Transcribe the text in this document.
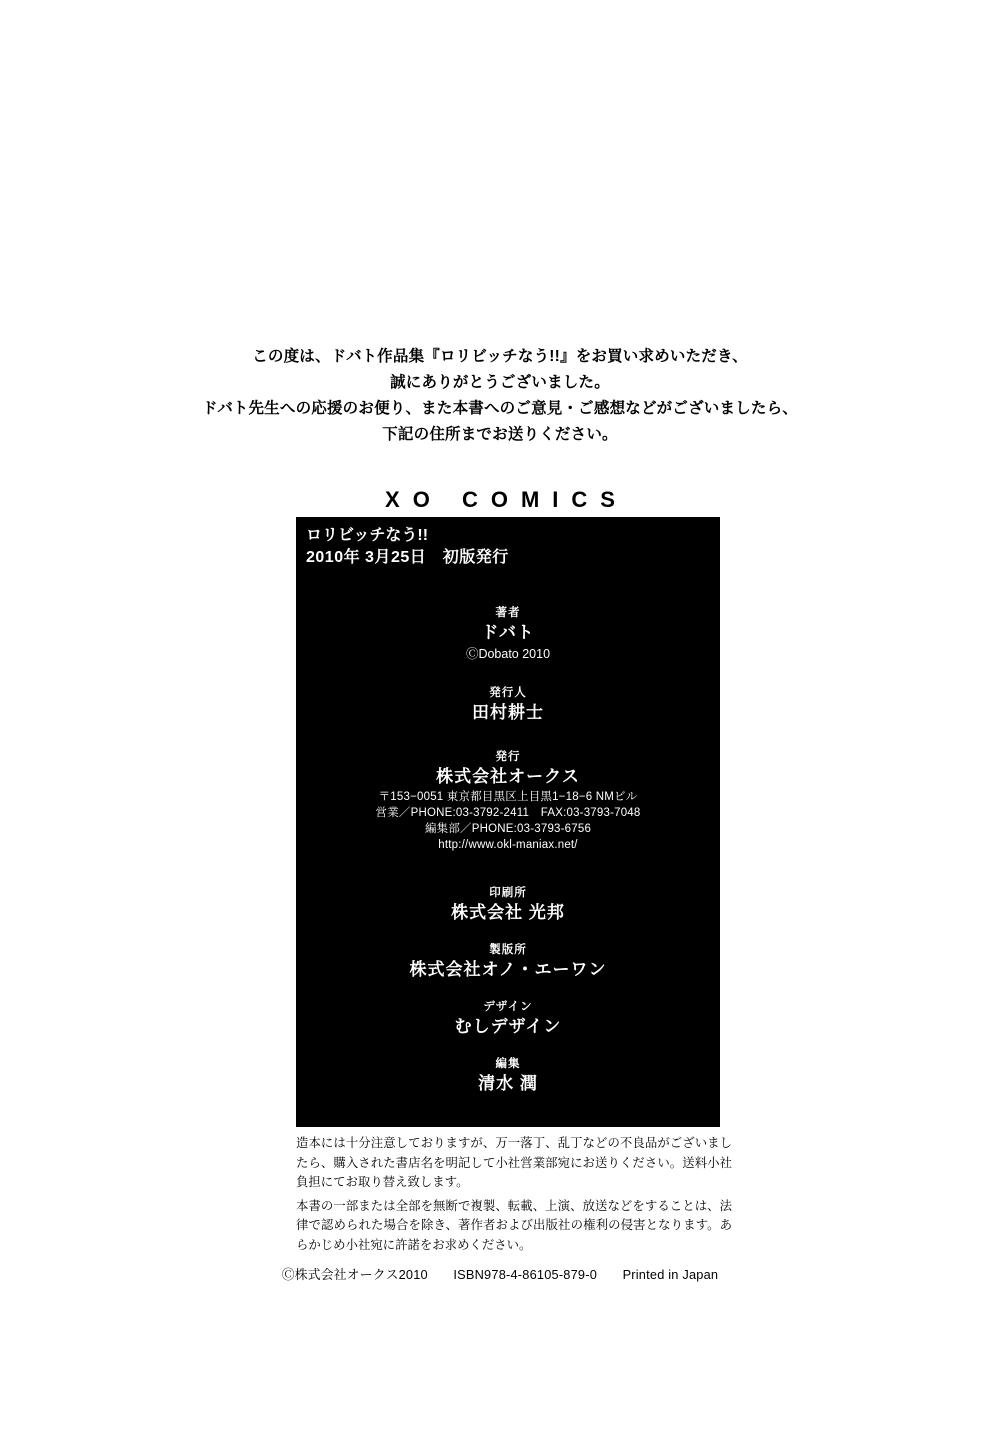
この度は、ドバト作品集『ロリビッチなう!!』をお買い求めいただき、
誠にありがとうございました。
ドバト先生への応援のお便り、また本書へのご意見・ご感想などがございましたら、
下記の住所までお送りください。
XO COMICS
ロリビッチなう!!
2010年 3月25日　初版発行
著者
ドバト
ⒸDobato 2010
発行人
田村耕士
発行
株式会社オークス
〒153−0051 東京都目黒区上目黒1−18−6 NMビル
営業／PHONE:03-3792-2411　FAX:03-3793-7048
編集部／PHONE:03-3793-6756
http://www.okl-maniax.net/
印刷所
株式会社 光邦
製版所
株式会社オノ・エーワン
デザイン
むしデザイン
編集
清水 潤

造本には十分注意しておりますが、万一落丁、乱丁などの不良品がございましたら、購入された書店名を明記して小社営業部宛にお送りください。送料小社負担にてお取り替え致します。

本書の一部または全部を無断で複製、転載、上演、放送などをすることは、法律で認められた場合を除き、著作者および出版社の権利の侵害となります。あらかじめ小社宛に許諾をお求めください。

Ⓒ株式会社オークス2010 ISBN978-4-86105-879-0 Printed in Japan
